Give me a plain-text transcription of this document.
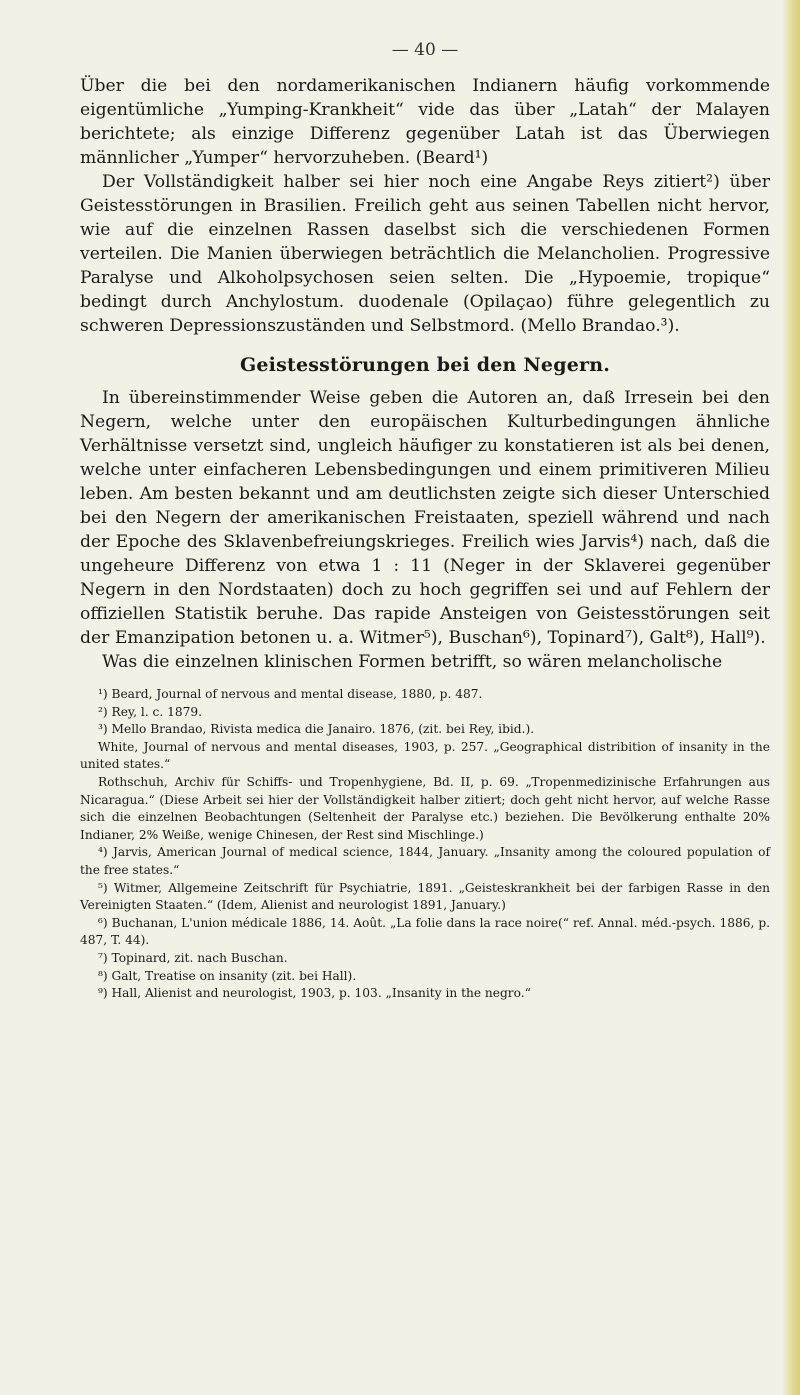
— 40 —

Über die bei den nordamerikanischen Indianern häufig vorkommende eigentümliche „Yumping-Krankheit“ vide das über „Latah“ der Malayen berichtete; als einzige Differenz gegenüber Latah ist das Überwiegen männlicher „Yumper“ hervorzuheben. (Beard¹)

Der Vollständigkeit halber sei hier noch eine Angabe Reys zitiert²) über Geistesstörungen in Brasilien. Freilich geht aus seinen Tabellen nicht hervor, wie auf die einzelnen Rassen daselbst sich die verschiedenen Formen verteilen. Die Manien überwiegen beträchtlich die Melancholien. Progressive Paralyse und Alkoholpsychosen seien selten. Die „Hypoemie, tropique“ bedingt durch Anchylostum. duodenale (Opilaçao) führe gelegentlich zu schweren Depressionszuständen und Selbstmord. (Mello Brandao.³).

Geistesstörungen bei den Negern.

In übereinstimmender Weise geben die Autoren an, daß Irresein bei den Negern, welche unter den europäischen Kulturbedingungen ähnliche Verhältnisse versetzt sind, ungleich häufiger zu konstatieren ist als bei denen, welche unter einfacheren Lebensbedingungen und einem primitiveren Milieu leben. Am besten bekannt und am deutlichsten zeigte sich dieser Unterschied bei den Negern der amerikanischen Freistaaten, speziell während und nach der Epoche des Sklavenbefreiungskrieges. Freilich wies Jarvis⁴) nach, daß die ungeheure Differenz von etwa 1 : 11 (Neger in der Sklaverei gegenüber Negern in den Nordstaaten) doch zu hoch gegriffen sei und auf Fehlern der offiziellen Statistik beruhe. Das rapide Ansteigen von Geistesstörungen seit der Emanzipation betonen u. a. Witmer⁵), Buschan⁶), Topinard⁷), Galt⁸), Hall⁹).

Was die einzelnen klinischen Formen betrifft, so wären melancholische

¹) Beard, Journal of nervous and mental disease, 1880, p. 487.

²) Rey, l. c. 1879.

³) Mello Brandao, Rivista medica die Janairo. 1876, (zit. bei Rey, ibid.).

White, Journal of nervous and mental diseases, 1903, p. 257. „Geographical distribition of insanity in the united states.“

Rothschuh, Archiv für Schiffs- und Tropenhygiene, Bd. II, p. 69. „Tropenmedizinische Erfahrungen aus Nicaragua.“ (Diese Arbeit sei hier der Vollständigkeit halber zitiert; doch geht nicht hervor, auf welche Rasse sich die einzelnen Beobachtungen (Seltenheit der Paralyse etc.) beziehen. Die Bevölkerung enthalte 20% Indianer, 2% Weiße, wenige Chinesen, der Rest sind Mischlinge.)

⁴) Jarvis, American Journal of medical science, 1844, January. „Insanity among the coloured population of the free states.“

⁵) Witmer, Allgemeine Zeitschrift für Psychiatrie, 1891. „Geisteskrankheit bei der farbigen Rasse in den Vereinigten Staaten.“ (Idem, Alienist and neurologist 1891, January.)

⁶) Buchanan, L'union médicale 1886, 14. Août. „La folie dans la race noire(“ ref. Annal. méd.-psych. 1886, p. 487, T. 44).

⁷) Topinard, zit. nach Buschan.

⁸) Galt, Treatise on insanity (zit. bei Hall).

⁹) Hall, Alienist and neurologist, 1903, p. 103. „Insanity in the negro.“
